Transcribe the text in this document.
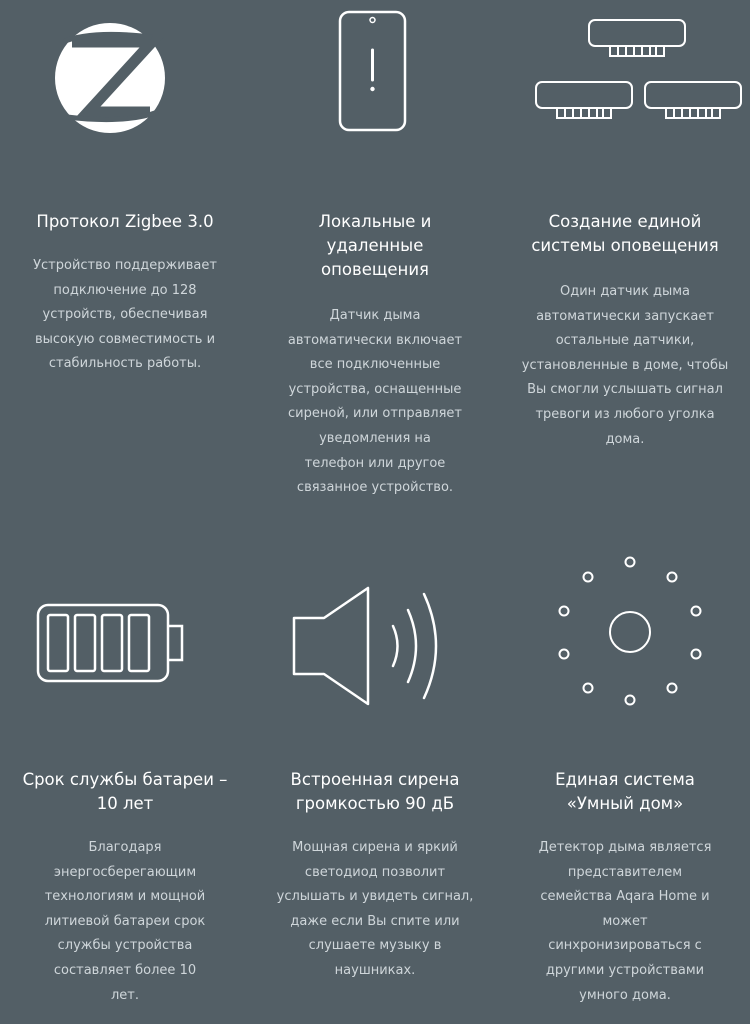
Протокол Zigbee 3.0

Устройство поддерживает подключение до 128 устройств, обеспечивая высокую совместимость и стабильность работы.

Локальные и удаленные оповещения

Датчик дыма автоматически включает все подключенные устройства, оснащенные сиреной, или отправляет уведомления на телефон или другое связанное устройство.

Создание единой системы оповещения

Один датчик дыма автоматически запускает остальные датчики, установленные в доме, чтобы Вы смогли услышать сигнал тревоги из любого уголка дома.

Срок службы батареи – 10 лет

Благодаря энергосберегающим технологиям и мощной литиевой батареи срок службы устройства составляет более 10 лет.

Встроенная сирена громкостью 90 дБ

Мощная сирена и яркий светодиод позволит услышать и увидеть сигнал, даже если Вы спите или слушаете музыку в наушниках.

Единая система «Умный дом»

Детектор дыма является представителем семейства Aqara Home и может синхронизироваться с другими устройствами умного дома.
